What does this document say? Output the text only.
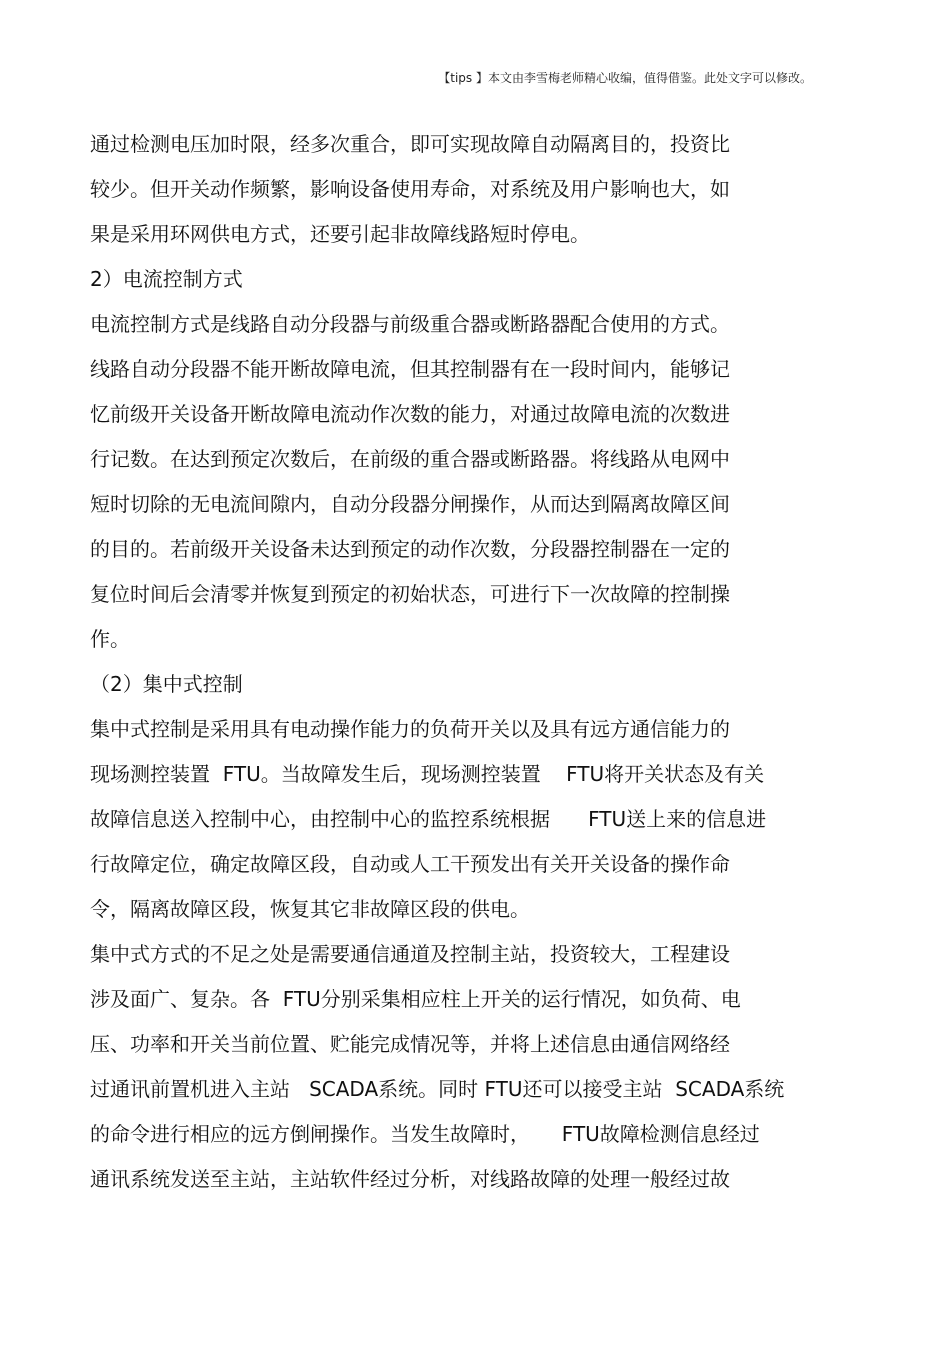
【tips 】本文由李雪梅老师精心收编，值得借鉴。此处文字可以修改。
通过检测电压加时限，经多次重合，即可实现故障自动隔离目的，投资比
较少。但开关动作频繁，影响设备使用寿命，对系统及用户影响也大，如
果是采用环网供电方式，还要引起非故障线路短时停电。
2）电流控制方式
电流控制方式是线路自动分段器与前级重合器或断路器配合使用的方式。
线路自动分段器不能开断故障电流，但其控制器有在一段时间内，能够记
忆前级开关设备开断故障电流动作次数的能力，对通过故障电流的次数进
行记数。在达到预定次数后，在前级的重合器或断路器。将线路从电网中
短时切除的无电流间隙内，自动分段器分闸操作，从而达到隔离故障区间
的目的。若前级开关设备未达到预定的动作次数，分段器控制器在一定的
复位时间后会清零并恢复到预定的初始状态，可进行下一次故障的控制操
作。
（2）集中式控制
集中式控制是采用具有电动操作能力的负荷开关以及具有远方通信能力的
现场测控装置  FTU。当故障发生后，现场测控装置    FTU将开关状态及有关
故障信息送入控制中心，由控制中心的监控系统根据      FTU送上来的信息进
行故障定位，确定故障区段，自动或人工干预发出有关开关设备的操作命
令，隔离故障区段，恢复其它非故障区段的供电。
集中式方式的不足之处是需要通信通道及控制主站，投资较大，工程建设
涉及面广、复杂。各  FTU分别采集相应柱上开关的运行情况，如负荷、电
压、功率和开关当前位置、贮能完成情况等，并将上述信息由通信网络经
过通讯前置机进入主站   SCADA系统。同时 FTU还可以接受主站  SCADA系统
的命令进行相应的远方倒闸操作。当发生故障时，     FTU故障检测信息经过
通讯系统发送至主站，主站软件经过分析，对线路故障的处理一般经过故
